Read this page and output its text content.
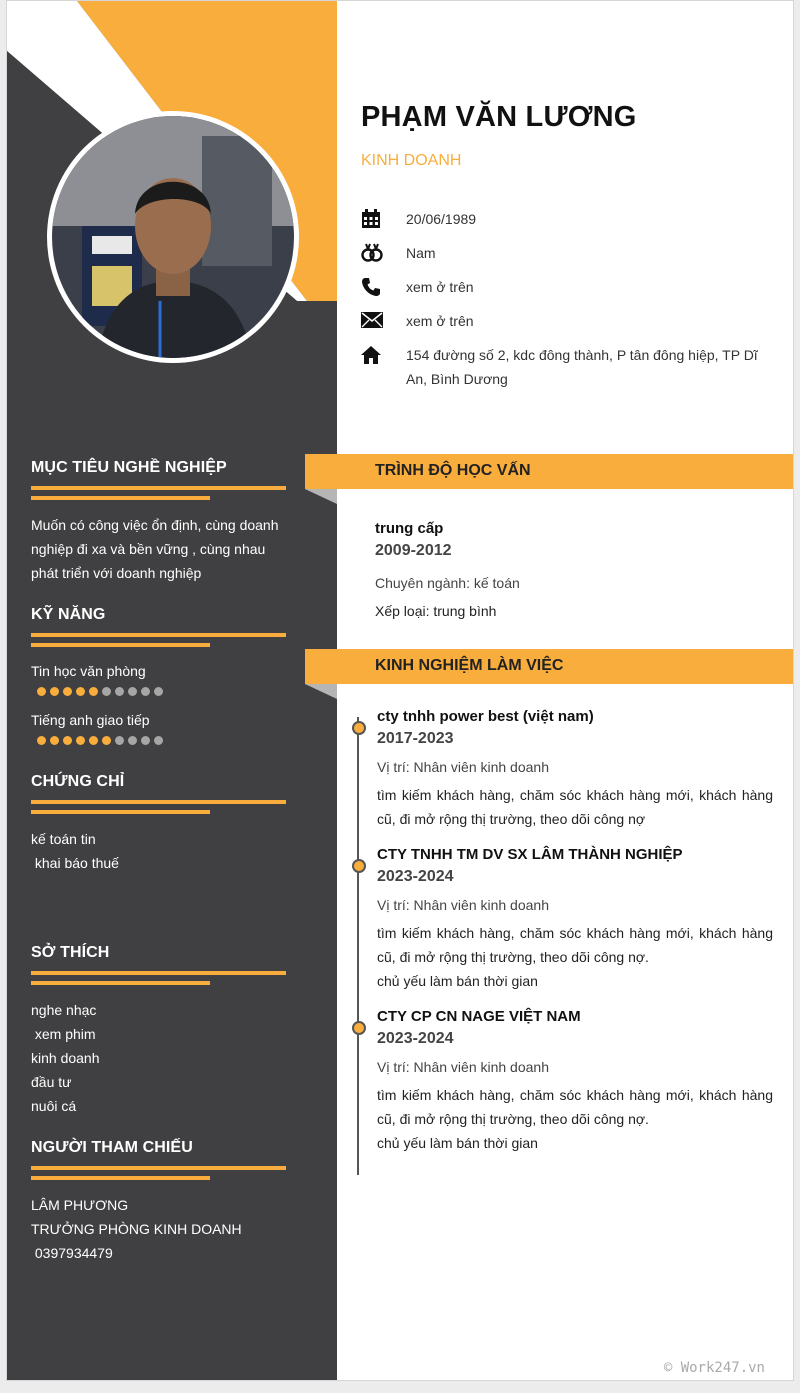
MỤC TIÊU NGHỀ NGHIỆP

Muốn có công việc ổn định, cùng doanh nghiệp đi xa và bền vững , cùng nhau phát triển với doanh nghiệp

KỸ NĂNG
Tin học văn phòng
Tiếng anh giao tiếp
CHỨNG CHỈ
kế toán tin
khai báo thuế
SỞ THÍCH
nghe nhạc
xem phim
kinh doanh
đầu tư
nuôi cá
NGƯỜI THAM CHIẾU
LÂM PHƯƠNG
TRƯỞNG PHÒNG KINH DOANH
0397934479
PHẠM VĂN LƯƠNG
KINH DOANH
20/06/1989
Nam
xem ở trên
xem ở trên
154 đường số 2, kdc đông thành, P tân đông hiệp, TP Dĩ An, Bình Dương
TRÌNH ĐỘ HỌC VẤN
trung cấp
2009-2012
Chuyên ngành: kế toán
Xếp loại: trung bình
KINH NGHIỆM LÀM VIỆC
cty tnhh power best (việt nam)
2017-2023
Vị trí: Nhân viên kinh doanh
tìm kiếm khách hàng, chăm sóc khách hàng mới, khách hàng cũ, đi mở rộng thị trường, theo dõi công nợ
CTY TNHH TM DV SX LÂM THÀNH NGHIỆP
2023-2024
Vị trí: Nhân viên kinh doanh
tìm kiếm khách hàng, chăm sóc khách hàng mới, khách hàng cũ, đi mở rộng thị trường, theo dõi công nợ.
chủ yếu làm bán thời gian
CTY CP CN NAGE VIỆT NAM
2023-2024
Vị trí: Nhân viên kinh doanh
tìm kiếm khách hàng, chăm sóc khách hàng mới, khách hàng cũ, đi mở rộng thị trường, theo dõi công nợ.
chủ yếu làm bán thời gian
© Work247.vn
